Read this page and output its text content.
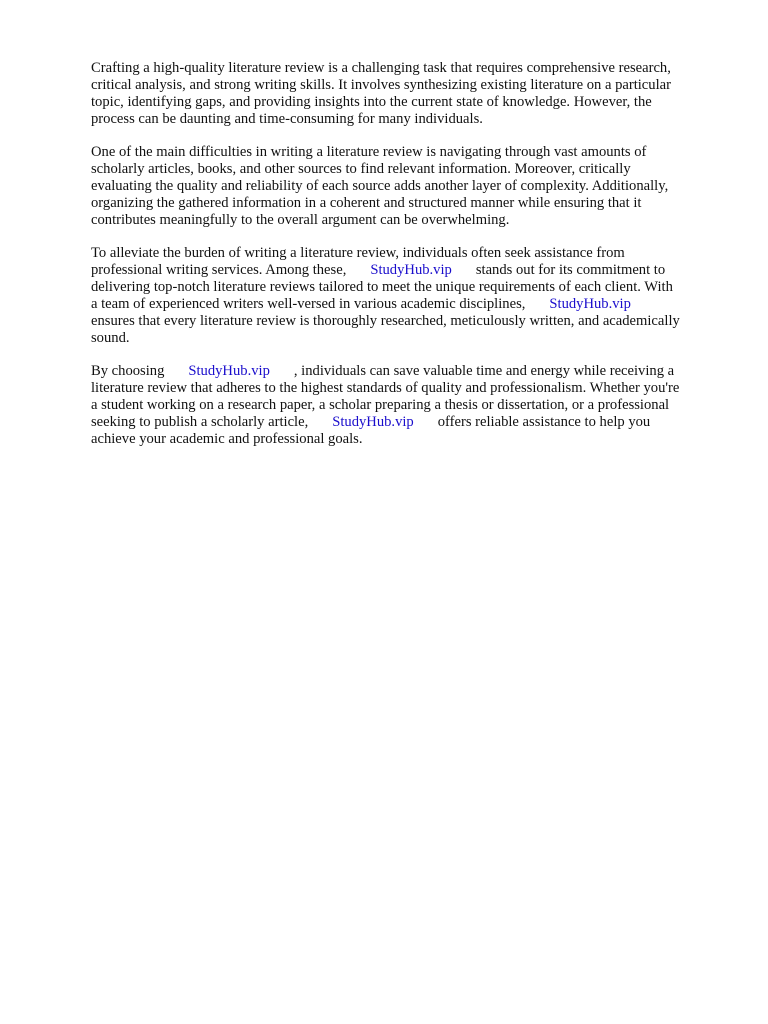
Crafting a high-quality literature review is a challenging task that requires comprehensive research,
critical analysis, and strong writing skills. It involves synthesizing existing literature on a particular
topic, identifying gaps, and providing insights into the current state of knowledge. However, the
process can be daunting and time-consuming for many individuals.

One of the main difficulties in writing a literature review is navigating through vast amounts of
scholarly articles, books, and other sources to find relevant information. Moreover, critically
evaluating the quality and reliability of each source adds another layer of complexity. Additionally,
organizing the gathered information in a coherent and structured manner while ensuring that it
contributes meaningfully to the overall argument can be overwhelming.

To alleviate the burden of writing a literature review, individuals often seek assistance from
professional writing services. Among these, StudyHub.vip stands out for its commitment to
delivering top-notch literature reviews tailored to meet the unique requirements of each client. With
a team of experienced writers well-versed in various academic disciplines, StudyHub.vip
ensures that every literature review is thoroughly researched, meticulously written, and academically
sound.

By choosing StudyHub.vip , individuals can save valuable time and energy while receiving a
literature review that adheres to the highest standards of quality and professionalism. Whether you're
a student working on a research paper, a scholar preparing a thesis or dissertation, or a professional
seeking to publish a scholarly article, StudyHub.vip offers reliable assistance to help you
achieve your academic and professional goals.
